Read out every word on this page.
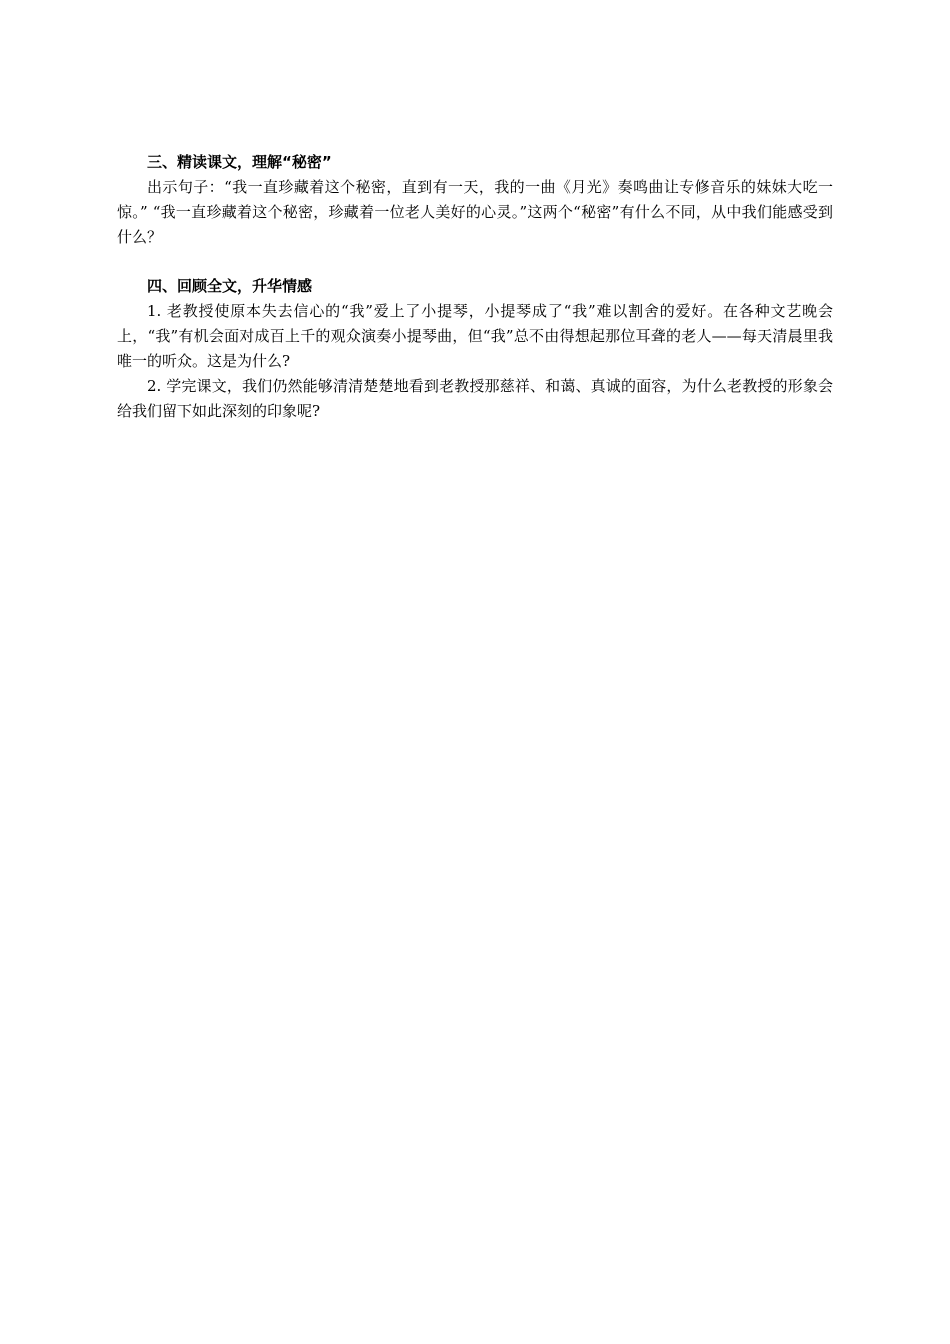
三、精读课文，理解“秘密”

出示句子：“我一直珍藏着这个秘密，直到有一天，我的一曲《月光》奏鸣曲让专修音乐的妹妹大吃一惊。” “我一直珍藏着这个秘密，珍藏着一位老人美好的心灵。”这两个“秘密”有什么不同，从中我们能感受到什么？

四、回顾全文，升华情感

1. 老教授使原本失去信心的“我”爱上了小提琴，小提琴成了“我”难以割舍的爱好。在各种文艺晚会上，“我”有机会面对成百上千的观众演奏小提琴曲，但“我”总不由得想起那位耳聋的老人——每天清晨里我唯一的听众。这是为什么?

2. 学完课文，我们仍然能够清清楚楚地看到老教授那慈祥、和蔼、真诚的面容，为什么老教授的形象会给我们留下如此深刻的印象呢?
